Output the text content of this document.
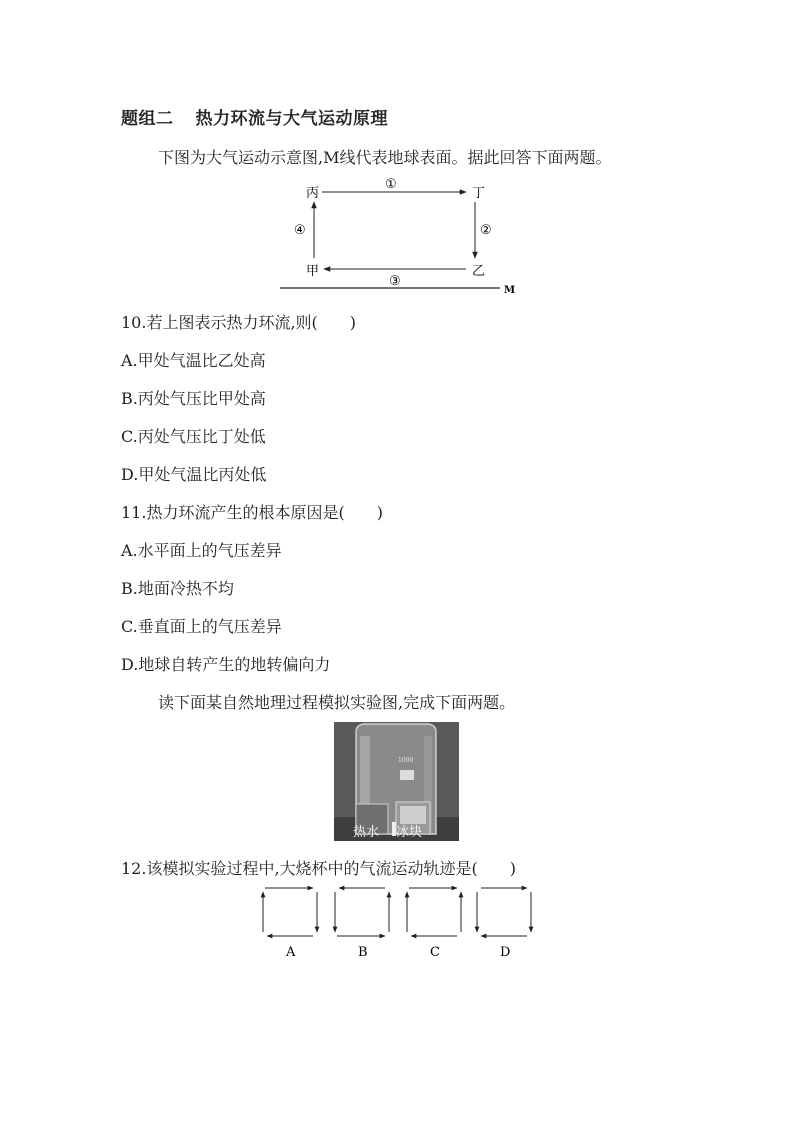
题组二 热力环流与大气运动原理
下图为大气运动示意图,M线代表地球表面。据此回答下面两题。
丙	丁
乙
甲
①
②
③
④
M
10.若上图表示热力环流,则(　　)
A.甲处气温比乙处高
B.丙处气压比甲处高
C.丙处气压比丁处低
D.甲处气温比丙处低
11.热力环流产生的根本原因是(　　)
A.水平面上的气压差异
B.地面冷热不均
C.垂直面上的气压差异
D.地球自转产生的地转偏向力
读下面某自然地理过程模拟实验图,完成下面两题。
1000
热水 冰块
12.该模拟实验过程中,大烧杯中的气流运动轨迹是(　　)
A	B	C	D
